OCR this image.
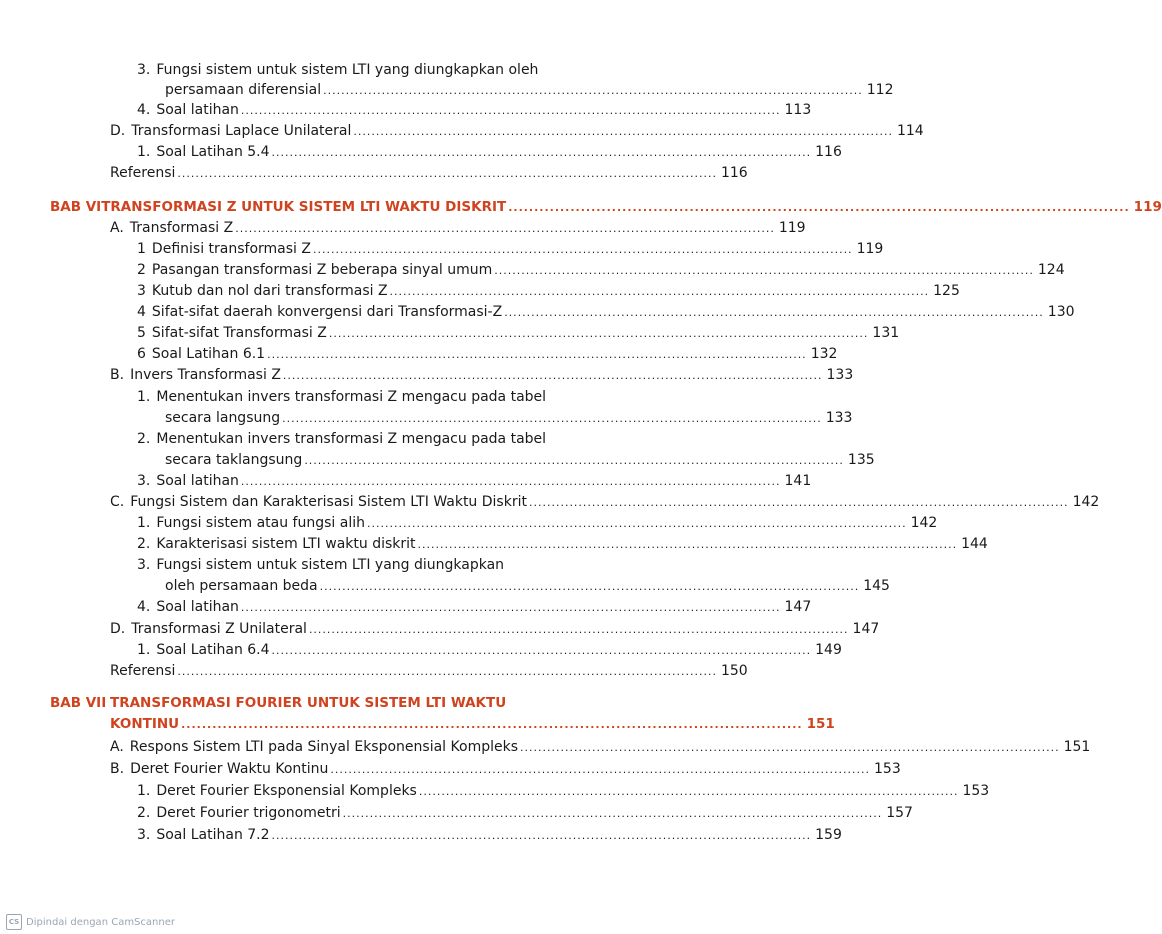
3. Fungsi sistem untuk sistem LTI yang diungkapkan oleh
persamaan diferensial ........................................................................................................................ 112
4. Soal latihan ........................................................................................................................ 113
D. Transformasi Laplace Unilateral ........................................................................................................................ 114
1. Soal Latihan 5.4 ........................................................................................................................ 116
Referensi ........................................................................................................................ 116
BAB VI TRANSFORMASI Z UNTUK SISTEM LTI WAKTU DISKRIT ........................................................................................................................ 119
A. Transformasi Z ........................................................................................................................ 119
1 Definisi transformasi Z ........................................................................................................................ 119
2 Pasangan transformasi Z beberapa sinyal umum ........................................................................................................................ 124
3 Kutub dan nol dari transformasi Z ........................................................................................................................ 125
4 Sifat-sifat daerah konvergensi dari Transformasi-Z ........................................................................................................................ 130
5 Sifat-sifat Transformasi Z ........................................................................................................................ 131
6 Soal Latihan 6.1 ........................................................................................................................ 132
B. Invers Transformasi Z ........................................................................................................................ 133
1. Menentukan invers transformasi Z mengacu pada tabel
secara langsung ........................................................................................................................ 133
2. Menentukan invers transformasi Z mengacu pada tabel
secara taklangsung ........................................................................................................................ 135
3. Soal latihan ........................................................................................................................ 141
C. Fungsi Sistem dan Karakterisasi Sistem LTI Waktu Diskrit ........................................................................................................................ 142
1. Fungsi sistem atau fungsi alih ........................................................................................................................ 142
2. Karakterisasi sistem LTI waktu diskrit ........................................................................................................................ 144
3. Fungsi sistem untuk sistem LTI yang diungkapkan
oleh persamaan beda ........................................................................................................................ 145
4. Soal latihan ........................................................................................................................ 147
D. Transformasi Z Unilateral ........................................................................................................................ 147
1. Soal Latihan 6.4 ........................................................................................................................ 149
Referensi ........................................................................................................................ 150
BAB VII TRANSFORMASI FOURIER UNTUK SISTEM LTI WAKTU
KONTINU ........................................................................................................................ 151
A. Respons Sistem LTI pada Sinyal Eksponensial Kompleks ........................................................................................................................ 151
B. Deret Fourier Waktu Kontinu ........................................................................................................................ 153
1. Deret Fourier Eksponensial Kompleks ........................................................................................................................ 153
2. Deret Fourier trigonometri ........................................................................................................................ 157
3. Soal Latihan 7.2 ........................................................................................................................ 159
CS Dipindai dengan CamScanner
